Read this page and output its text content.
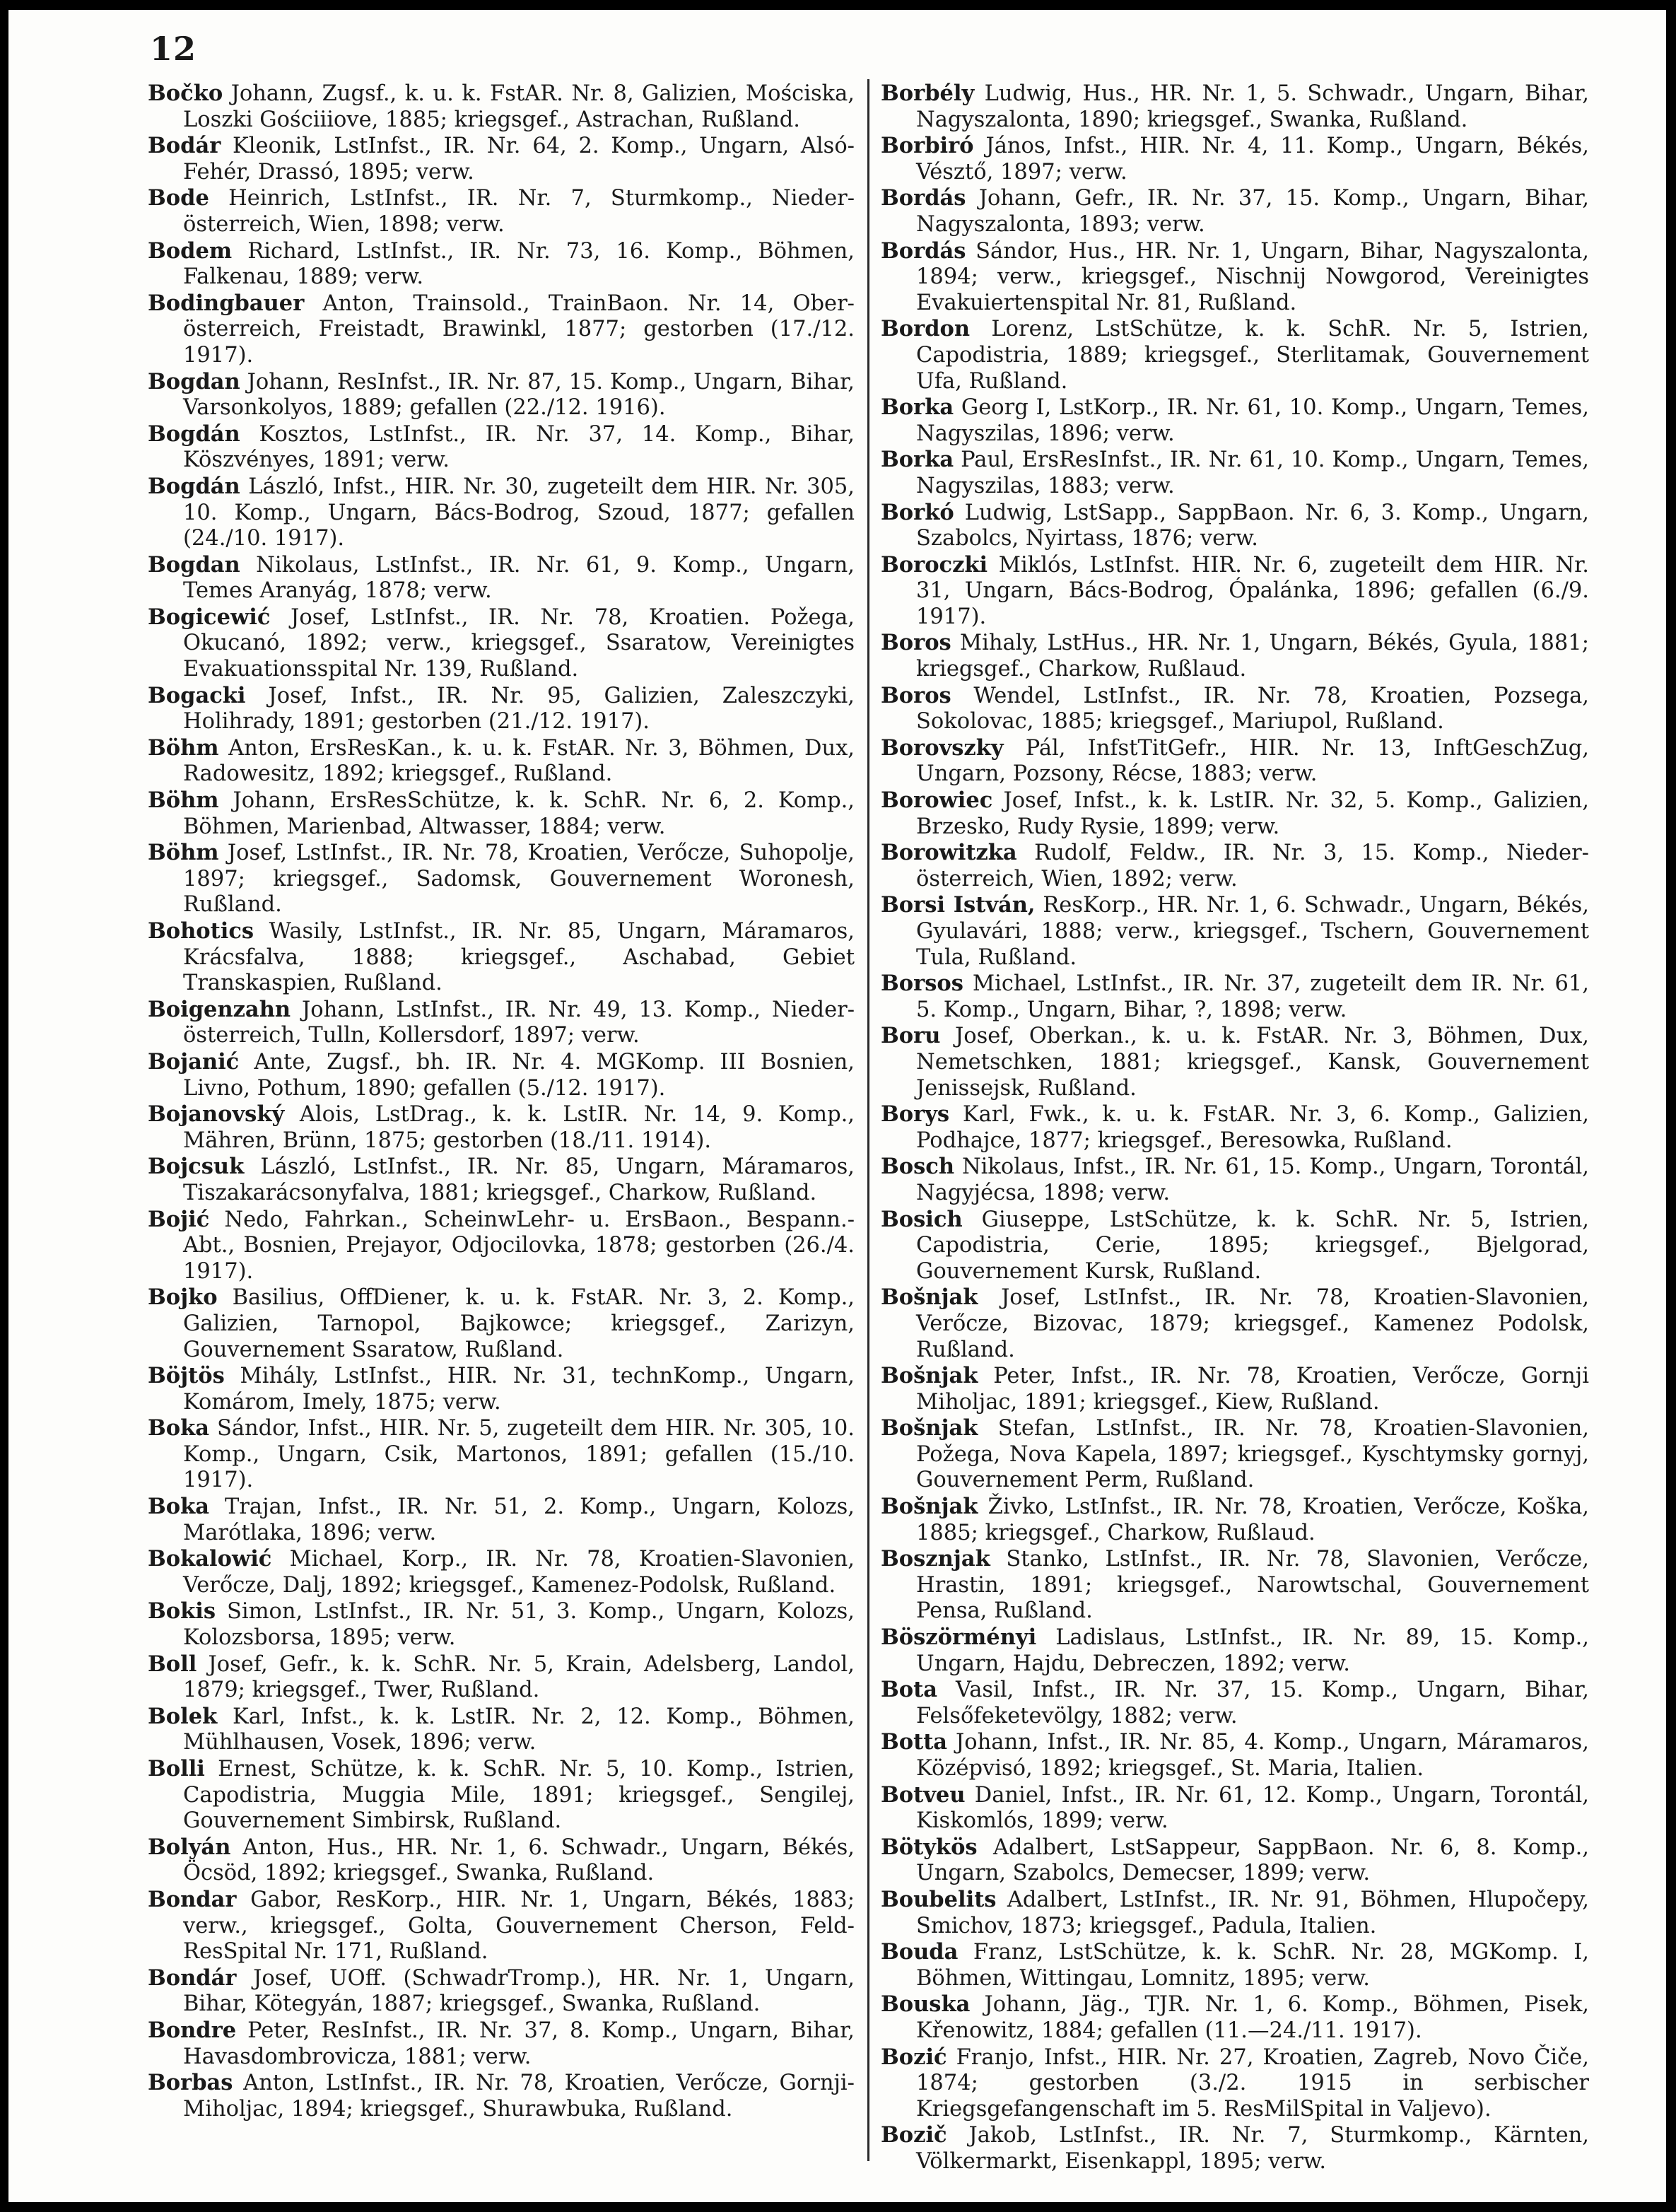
12

Bočko Johann, Zugsf., k. u. k. FstAR. Nr. 8, Galizien, Mościska, Loszki Gościiiove, 1885; kriegsgef., Astrachan, Rußland.

Bodár Kleonik, LstInfst., IR. Nr. 64, 2. Komp., Ungarn, Alsó-Fehér, Drassó, 1895; verw.

Bode Heinrich, LstInfst., IR. Nr. 7, Sturmkomp., Nieder-österreich, Wien, 1898; verw.

Bodem Richard, LstInfst., IR. Nr. 73, 16. Komp., Böhmen, Falkenau, 1889; verw.

Bodingbauer Anton, Trainsold., TrainBaon. Nr. 14, Ober-österreich, Freistadt, Brawinkl, 1877; gestorben (17./12. 1917).

Bogdan Johann, ResInfst., IR. Nr. 87, 15. Komp., Ungarn, Bihar, Varsonkolyos, 1889; gefallen (22./12. 1916).

Bogdán Kosztos, LstInfst., IR. Nr. 37, 14. Komp., Bihar, Köszvényes, 1891; verw.

Bogdán László, Infst., HIR. Nr. 30, zugeteilt dem HIR. Nr. 305, 10. Komp., Ungarn, Bács-Bodrog, Szoud, 1877; gefallen (24./10. 1917).

Bogdan Nikolaus, LstInfst., IR. Nr. 61, 9. Komp., Ungarn, Temes Aranyág, 1878; verw.

Bogicewić Josef, LstInfst., IR. Nr. 78, Kroatien. Požega, Okucanó, 1892; verw., kriegsgef., Ssaratow, Vereinigtes Evakuationsspital Nr. 139, Rußland.

Bogacki Josef, Infst., IR. Nr. 95, Galizien, Zaleszczyki, Holihrady, 1891; gestorben (21./12. 1917).

Böhm Anton, ErsResKan., k. u. k. FstAR. Nr. 3, Böhmen, Dux, Radowesitz, 1892; kriegsgef., Rußland.

Böhm Johann, ErsResSchütze, k. k. SchR. Nr. 6, 2. Komp., Böhmen, Marienbad, Altwasser, 1884; verw.

Böhm Josef, LstInfst., IR. Nr. 78, Kroatien, Verőcze, Suhopolje, 1897; kriegsgef., Sadomsk, Gouvernement Woronesh, Rußland.

Bohotics Wasily, LstInfst., IR. Nr. 85, Ungarn, Máramaros, Krácsfalva, 1888; kriegsgef., Aschabad, Gebiet Transkaspien, Rußland.

Boigenzahn Johann, LstInfst., IR. Nr. 49, 13. Komp., Nieder-österreich, Tulln, Kollersdorf, 1897; verw.

Bojanić Ante, Zugsf., bh. IR. Nr. 4. MGKomp. III Bosnien, Livno, Pothum, 1890; gefallen (5./12. 1917).

Bojanovský Alois, LstDrag., k. k. LstIR. Nr. 14, 9. Komp., Mähren, Brünn, 1875; gestorben (18./11. 1914).

Bojcsuk László, LstInfst., IR. Nr. 85, Ungarn, Máramaros, Tiszakarácsonyfalva, 1881; kriegsgef., Charkow, Rußland.

Bojić Nedo, Fahrkan., ScheinwLehr- u. ErsBaon., Bespann.-Abt., Bosnien, Prejayor, Odjocilovka, 1878; gestorben (26./4. 1917).

Bojko Basilius, OffDiener, k. u. k. FstAR. Nr. 3, 2. Komp., Galizien, Tarnopol, Bajkowce; kriegsgef., Zarizyn, Gouvernement Ssaratow, Rußland.

Böjtös Mihály, LstInfst., HIR. Nr. 31, technKomp., Ungarn, Komárom, Imely, 1875; verw.

Boka Sándor, Infst., HIR. Nr. 5, zugeteilt dem HIR. Nr. 305, 10. Komp., Ungarn, Csik, Martonos, 1891; gefallen (15./10. 1917).

Boka Trajan, Infst., IR. Nr. 51, 2. Komp., Ungarn, Kolozs, Marótlaka, 1896; verw.

Bokalowić Michael, Korp., IR. Nr. 78, Kroatien-Slavonien, Verőcze, Dalj, 1892; kriegsgef., Kamenez-Podolsk, Rußland.

Bokis Simon, LstInfst., IR. Nr. 51, 3. Komp., Ungarn, Kolozs, Kolozsborsa, 1895; verw.

Boll Josef, Gefr., k. k. SchR. Nr. 5, Krain, Adelsberg, Landol, 1879; kriegsgef., Twer, Rußland.

Bolek Karl, Infst., k. k. LstIR. Nr. 2, 12. Komp., Böhmen, Mühlhausen, Vosek, 1896; verw.

Bolli Ernest, Schütze, k. k. SchR. Nr. 5, 10. Komp., Istrien, Capodistria, Muggia Mile, 1891; kriegsgef., Sengilej, Gouvernement Simbirsk, Rußland.

Bolyán Anton, Hus., HR. Nr. 1, 6. Schwadr., Ungarn, Békés, Öcsöd, 1892; kriegsgef., Swanka, Rußland.

Bondar Gabor, ResKorp., HIR. Nr. 1, Ungarn, Békés, 1883; verw., kriegsgef., Golta, Gouvernement Cherson, Feld-ResSpital Nr. 171, Rußland.

Bondár Josef, UOff. (SchwadrTromp.), HR. Nr. 1, Ungarn, Bihar, Kötegyán, 1887; kriegsgef., Swanka, Rußland.

Bondre Peter, ResInfst., IR. Nr. 37, 8. Komp., Ungarn, Bihar, Havasdombrovicza, 1881; verw.

Borbas Anton, LstInfst., IR. Nr. 78, Kroatien, Verőcze, Gornji-Miholjac, 1894; kriegsgef., Shurawbuka, Rußland.

Borbély Ludwig, Hus., HR. Nr. 1, 5. Schwadr., Ungarn, Bihar, Nagyszalonta, 1890; kriegsgef., Swanka, Rußland.

Borbiró János, Infst., HIR. Nr. 4, 11. Komp., Ungarn, Békés, Vésztő, 1897; verw.

Bordás Johann, Gefr., IR. Nr. 37, 15. Komp., Ungarn, Bihar, Nagyszalonta, 1893; verw.

Bordás Sándor, Hus., HR. Nr. 1, Ungarn, Bihar, Nagyszalonta, 1894; verw., kriegsgef., Nischnij Nowgorod, Vereinigtes Evakuiertenspital Nr. 81, Rußland.

Bordon Lorenz, LstSchütze, k. k. SchR. Nr. 5, Istrien, Capodistria, 1889; kriegsgef., Sterlitamak, Gouvernement Ufa, Rußland.

Borka Georg I, LstKorp., IR. Nr. 61, 10. Komp., Ungarn, Temes, Nagyszilas, 1896; verw.

Borka Paul, ErsResInfst., IR. Nr. 61, 10. Komp., Ungarn, Temes, Nagyszilas, 1883; verw.

Borkó Ludwig, LstSapp., SappBaon. Nr. 6, 3. Komp., Ungarn, Szabolcs, Nyirtass, 1876; verw.

Boroczki Miklós, LstInfst. HIR. Nr. 6, zugeteilt dem HIR. Nr. 31, Ungarn, Bács-Bodrog, Ópalánka, 1896; gefallen (6./9. 1917).

Boros Mihaly, LstHus., HR. Nr. 1, Ungarn, Békés, Gyula, 1881; kriegsgef., Charkow, Rußlaud.

Boros Wendel, LstInfst., IR. Nr. 78, Kroatien, Pozsega, Sokolovac, 1885; kriegsgef., Mariupol, Rußland.

Borovszky Pál, InfstTitGefr., HIR. Nr. 13, InftGeschZug, Ungarn, Pozsony, Récse, 1883; verw.

Borowiec Josef, Infst., k. k. LstIR. Nr. 32, 5. Komp., Galizien, Brzesko, Rudy Rysie, 1899; verw.

Borowitzka Rudolf, Feldw., IR. Nr. 3, 15. Komp., Nieder-österreich, Wien, 1892; verw.

Borsi István, ResKorp., HR. Nr. 1, 6. Schwadr., Ungarn, Békés, Gyulavári, 1888; verw., kriegsgef., Tschern, Gouvernement Tula, Rußland.

Borsos Michael, LstInfst., IR. Nr. 37, zugeteilt dem IR. Nr. 61, 5. Komp., Ungarn, Bihar, ?, 1898; verw.

Boru Josef, Oberkan., k. u. k. FstAR. Nr. 3, Böhmen, Dux, Nemetschken, 1881; kriegsgef., Kansk, Gouvernement Jenissejsk, Rußland.

Borys Karl, Fwk., k. u. k. FstAR. Nr. 3, 6. Komp., Galizien, Podhajce, 1877; kriegsgef., Beresowka, Rußland.

Bosch Nikolaus, Infst., IR. Nr. 61, 15. Komp., Ungarn, Torontál, Nagyjécsa, 1898; verw.

Bosich Giuseppe, LstSchütze, k. k. SchR. Nr. 5, Istrien, Capodistria, Cerie, 1895; kriegsgef., Bjelgorad, Gouvernement Kursk, Rußland.

Bošnjak Josef, LstInfst., IR. Nr. 78, Kroatien-Slavonien, Verőcze, Bizovac, 1879; kriegsgef., Kamenez Podolsk, Rußland.

Bošnjak Peter, Infst., IR. Nr. 78, Kroatien, Verőcze, Gornji Miholjac, 1891; kriegsgef., Kiew, Rußland.

Bošnjak Stefan, LstInfst., IR. Nr. 78, Kroatien-Slavonien, Požega, Nova Kapela, 1897; kriegsgef., Kyschtymsky gornyj, Gouvernement Perm, Rußland.

Bošnjak Živko, LstInfst., IR. Nr. 78, Kroatien, Verőcze, Koška, 1885; kriegsgef., Charkow, Rußlaud.

Bosznjak Stanko, LstInfst., IR. Nr. 78, Slavonien, Verőcze, Hrastin, 1891; kriegsgef., Narowtschal, Gouvernement Pensa, Rußland.

Böszörményi Ladislaus, LstInfst., IR. Nr. 89, 15. Komp., Ungarn, Hajdu, Debreczen, 1892; verw.

Bota Vasil, Infst., IR. Nr. 37, 15. Komp., Ungarn, Bihar, Felsőfeketevölgy, 1882; verw.

Botta Johann, Infst., IR. Nr. 85, 4. Komp., Ungarn, Máramaros, Középvisó, 1892; kriegsgef., St. Maria, Italien.

Botveu Daniel, Infst., IR. Nr. 61, 12. Komp., Ungarn, Torontál, Kiskomlós, 1899; verw.

Bötykös Adalbert, LstSappeur, SappBaon. Nr. 6, 8. Komp., Ungarn, Szabolcs, Demecser, 1899; verw.

Boubelits Adalbert, LstInfst., IR. Nr. 91, Böhmen, Hlupočepy, Smichov, 1873; kriegsgef., Padula, Italien.

Bouda Franz, LstSchütze, k. k. SchR. Nr. 28, MGKomp. I, Böhmen, Wittingau, Lomnitz, 1895; verw.

Bouska Johann, Jäg., TJR. Nr. 1, 6. Komp., Böhmen, Pisek, Křenowitz, 1884; gefallen (11.—24./11. 1917).

Bozić Franjo, Infst., HIR. Nr. 27, Kroatien, Zagreb, Novo Čiče, 1874; gestorben (3./2. 1915 in serbischer Kriegsgefangenschaft im 5. ResMilSpital in Valjevo).

Bozič Jakob, LstInfst., IR. Nr. 7, Sturmkomp., Kärnten, Völkermarkt, Eisenkappl, 1895; verw.
